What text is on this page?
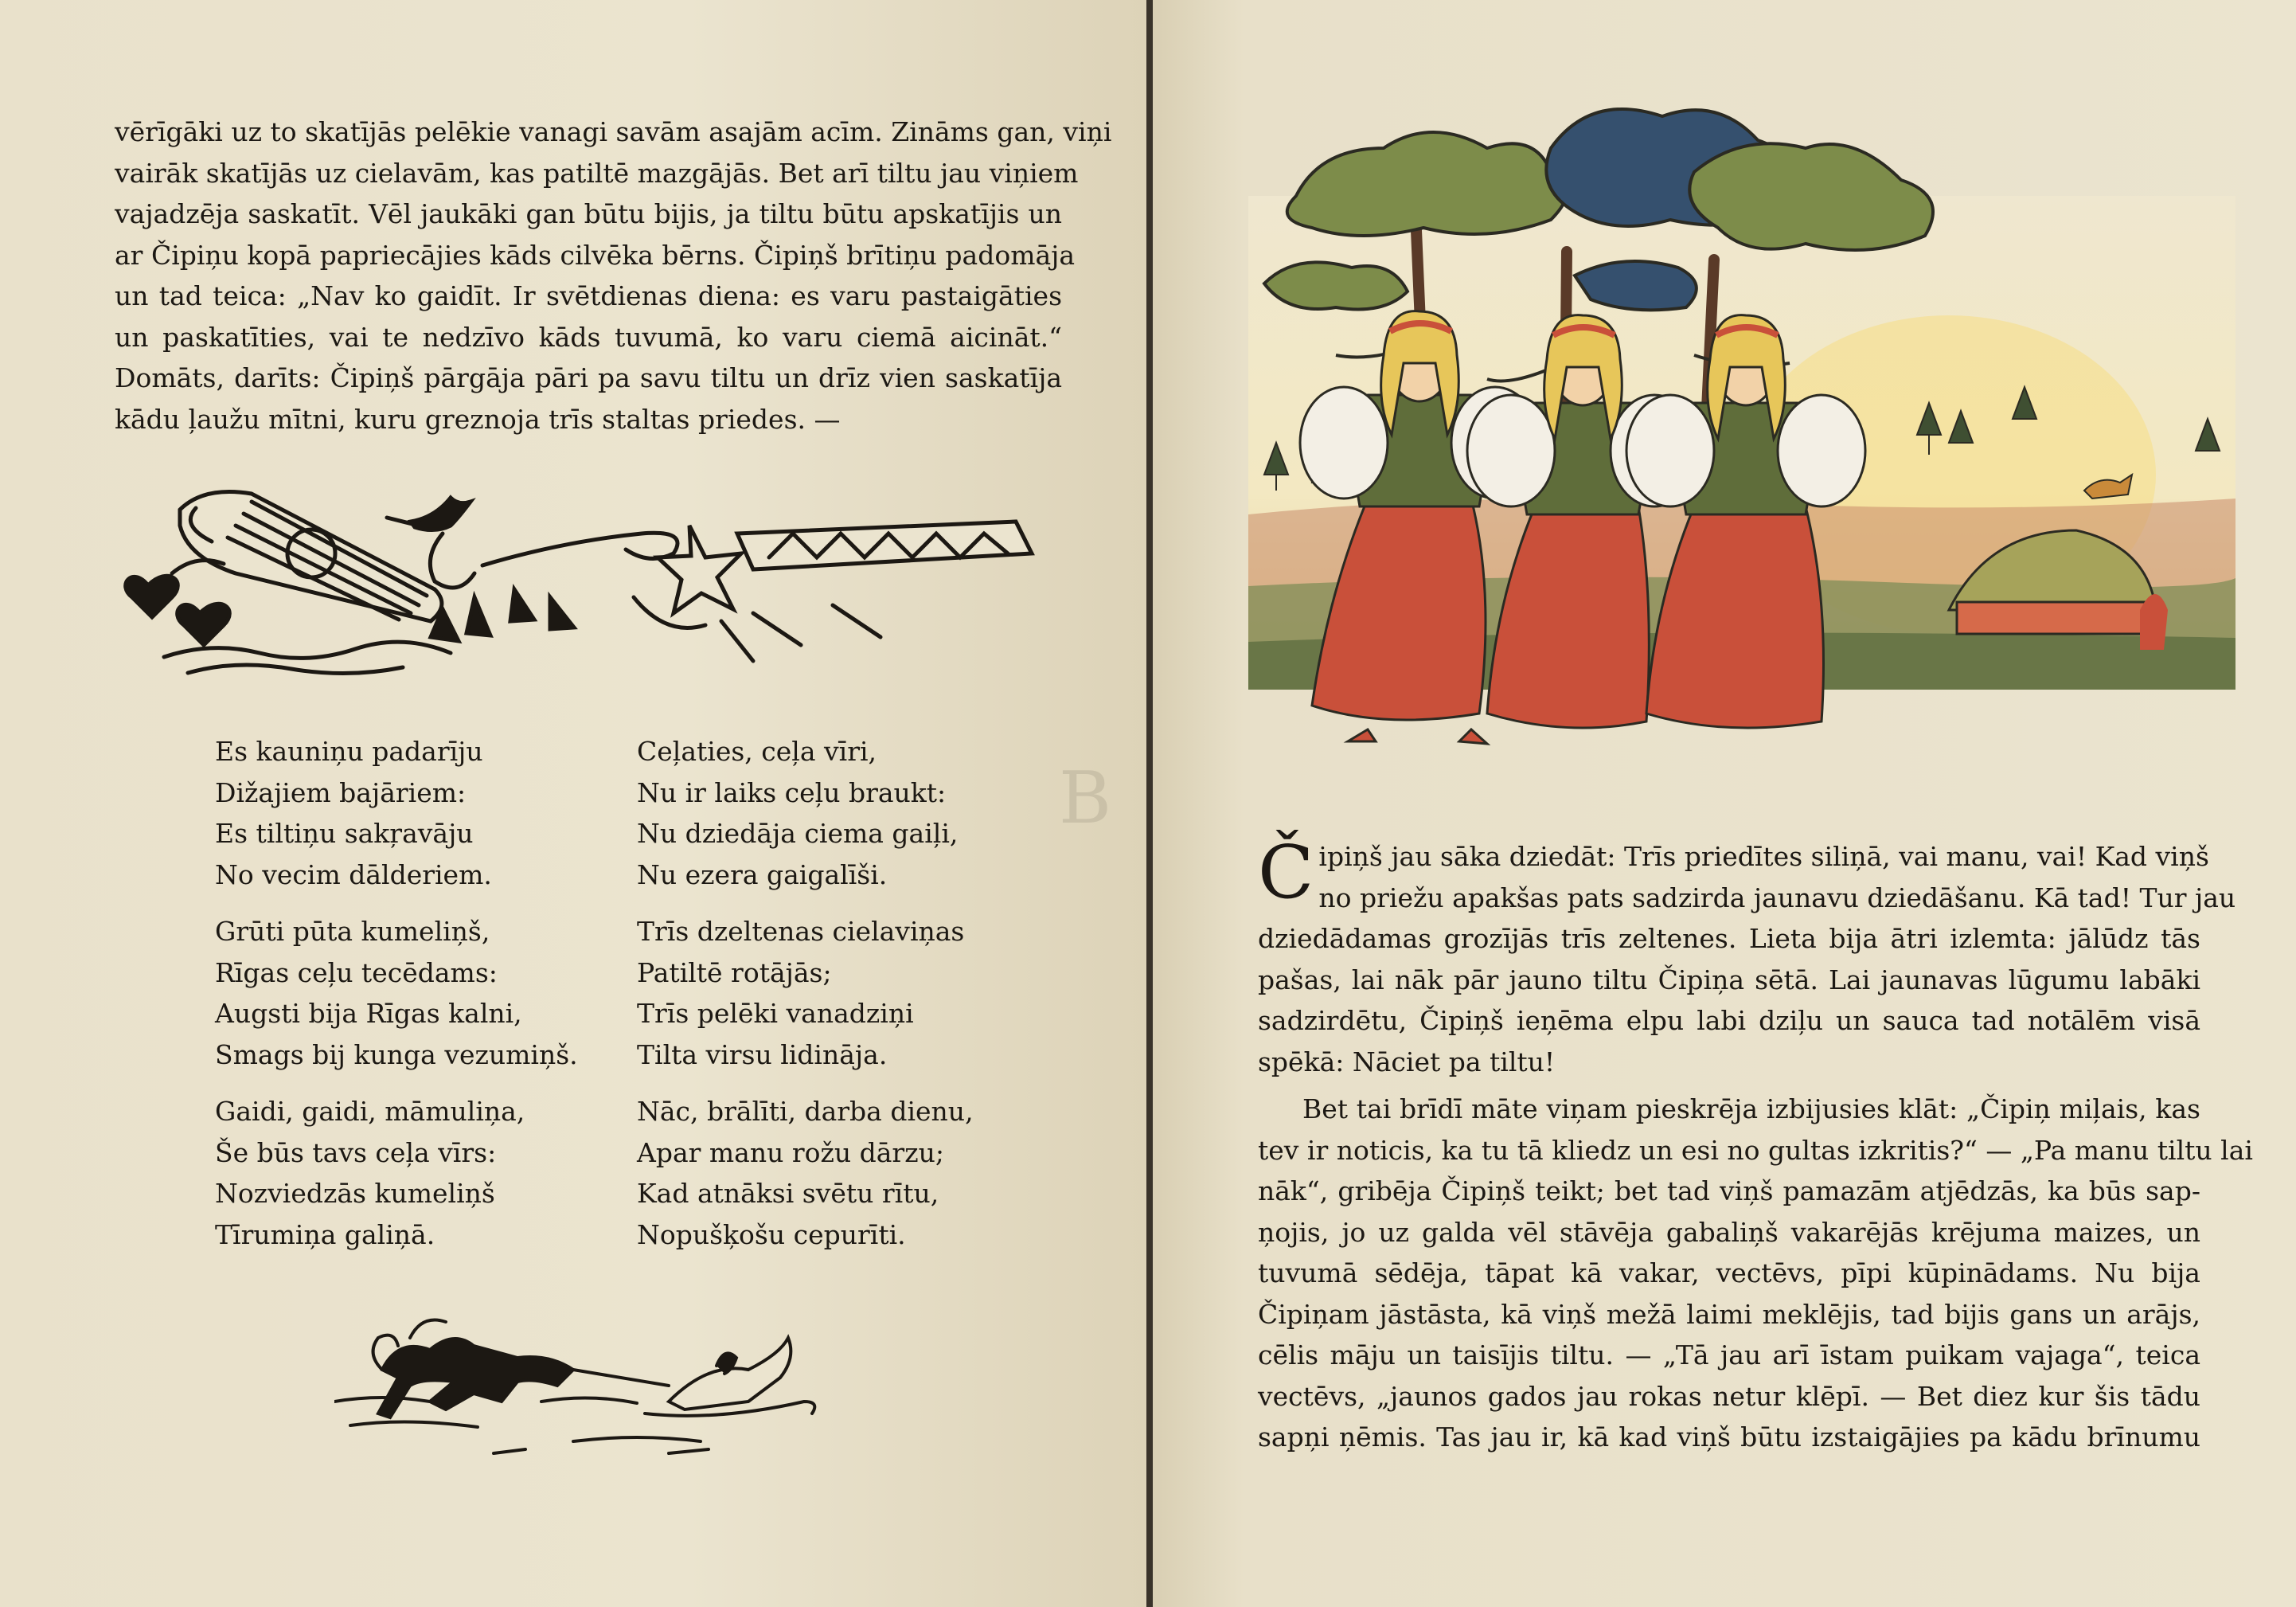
vērīgāki uz to skatījās pelēkie vanagi savām asajām acīm. Zināms gan, viņi
vairāk skatījās uz cielavām, kas patiltē mazgājās. Bet arī tiltu jau viņiem
vajadzēja saskatīt. Vēl jaukāki gan būtu bijis, ja tiltu būtu apskatījis un
ar Čipiņu kopā papriecājies kāds cilvēka bērns. Čipiņš brītiņu padomāja
un tad teica: „Nav ko gaidīt. Ir svētdienas diena: es varu pastaigāties
un paskatīties, vai te nedzīvo kāds tuvumā, ko varu ciemā aicināt.“
Domāts, darīts: Čipiņš pārgāja pāri pa savu tiltu un drīz vien saskatīja
kādu ļaužu mītni, kuru greznoja trīs staltas priedes. —
Es kauniņu padarīju
Dižajiem bajāriem:
Es tiltiņu sakŗavāju
No vecim dālderiem.
Grūti pūta kumeliņš,
Rīgas ceļu tecēdams:
Augsti bija Rīgas kalni,
Smags bij kunga vezumiņš.
Gaidi, gaidi, māmuliņa,
Še būs tavs ceļa vīrs:
Nozviedzās kumeliņš
Tīrumiņa galiņā.
Ceļaties, ceļa vīri,
Nu ir laiks ceļu braukt:
Nu dziedāja ciema gaiļi,
Nu ezera gaigalīši.
Trīs dzeltenas cielaviņas
Patiltē rotājās;
Trīs pelēki vanadziņi
Tilta virsu lidināja.
Nāc, brālīti, darba dienu,
Apar manu rožu dārzu;
Kad atnāksi svētu rītu,
Nopušķošu cepurīti.
B
Č ipiņš jau sāka dziedāt: Trīs priedītes siliņā, vai manu, vai! Kad viņš
no priežu apakšas pats sadzirda jaunavu dziedāšanu. Kā tad! Tur jau
dziedādamas grozījās trīs zeltenes. Lieta bija ātri izlemta: jālūdz tās
pašas, lai nāk pār jauno tiltu Čipiņa sētā. Lai jaunavas lūgumu labāki
sadzirdētu, Čipiņš ieņēma elpu labi dziļu un sauca tad notālēm visā
spēkā: Nāciet pa tiltu!
Bet tai brīdī māte viņam pieskrēja izbijusies klāt: „Čipiņ miļais, kas
tev ir noticis, ka tu tā kliedz un esi no gultas izkritis?“ — „Pa manu tiltu lai
nāk“, gribēja Čipiņš teikt; bet tad viņš pamazām atjēdzās, ka būs sap-
ņojis, jo uz galda vēl stāvēja gabaliņš vakarējās krējuma maizes, un
tuvumā sēdēja, tāpat kā vakar, vectēvs, pīpi kūpinādams. Nu bija
Čipiņam jāstāsta, kā viņš mežā laimi meklējis, tad bijis gans un arājs,
cēlis māju un taisījis tiltu. — „Tā jau arī īstam puikam vajaga“, teica
vectēvs, „jaunos gados jau rokas netur klēpī. — Bet diez kur šis tādu
sapņi ņēmis. Tas jau ir, kā kad viņš būtu izstaigājies pa kādu brīnumu
